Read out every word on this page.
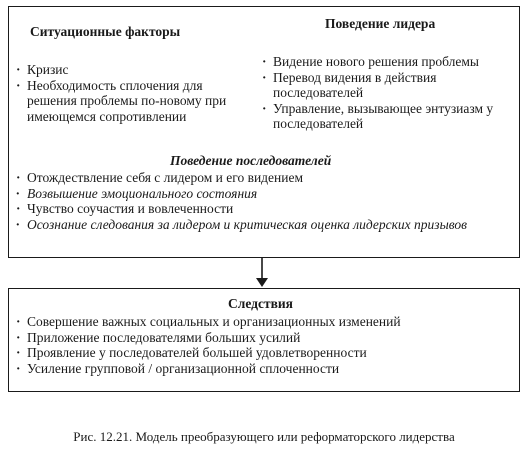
Ситуационные факторы
· Кризис
· Необходимость сплочения для решения проблемы по-новому при имеющемся сопротивлении
Поведение лидера
· Видение нового решения проблемы
· Перевод видения в действия последователей
· Управление, вызывающее энтузиазм у последователей
Поведение последователей
· Отождествление себя с лидером и его видением
· Возвышение эмоционального состояния
· Чувство соучастия и вовлеченности
· Осознание следования за лидером и критическая оценка лидерских призывов
Следствия
· Совершение важных социальных и организационных изменений
· Приложение последователями больших усилий
· Проявление у последователей большей удовлетворенности
· Усиление групповой / организационной сплоченности
Рис. 12.21. Модель преобразующего или реформаторского лидерства
